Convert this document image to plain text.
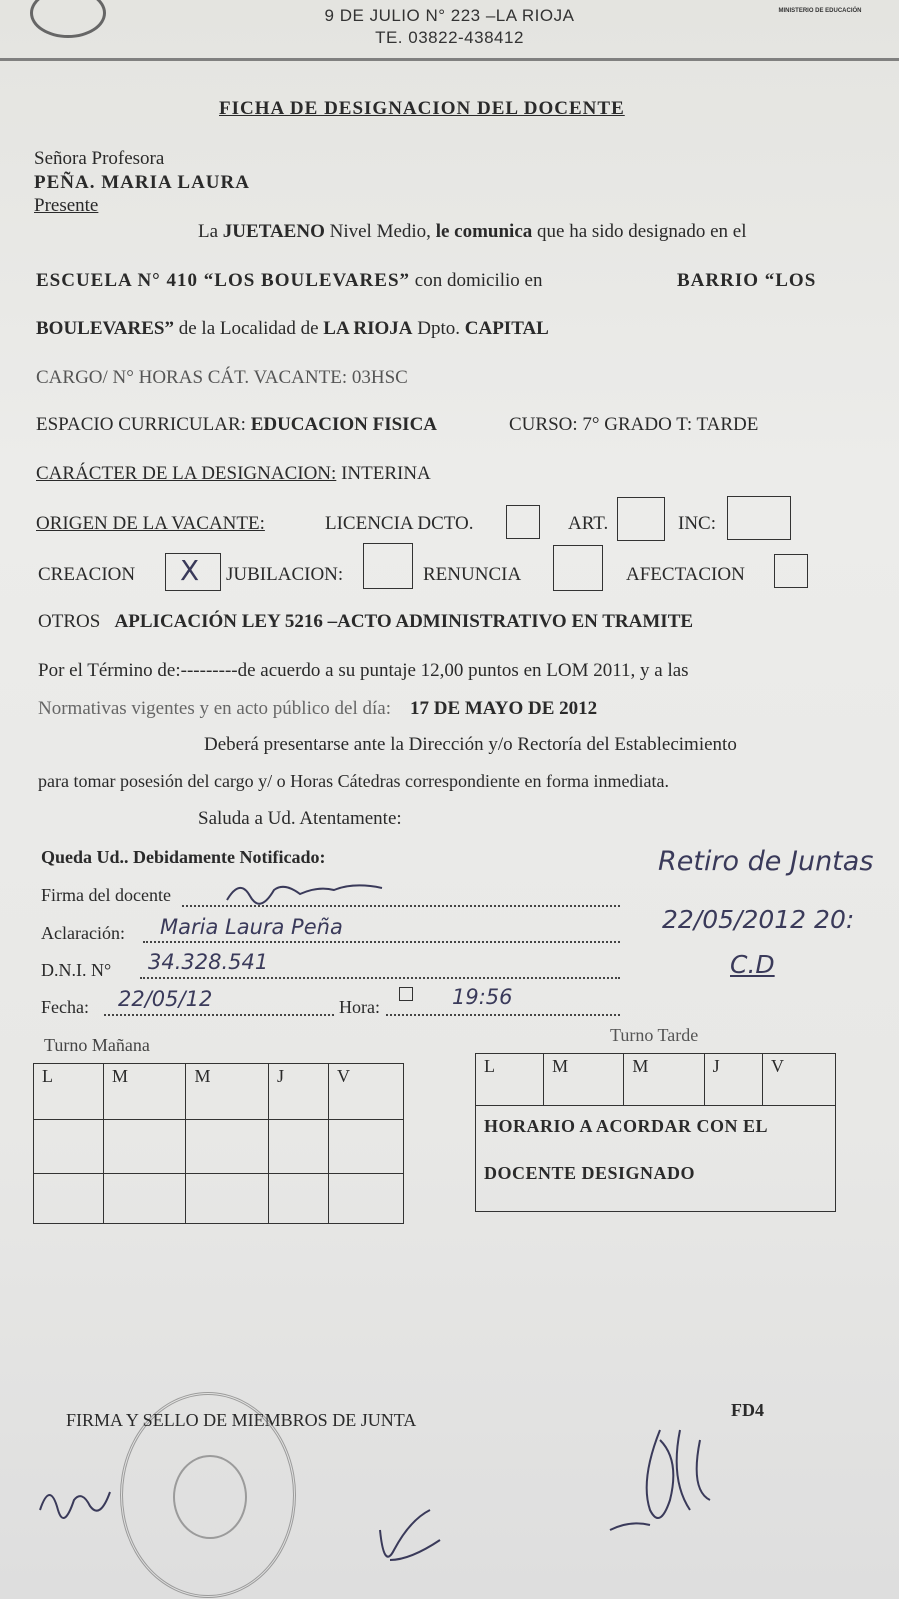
MINISTERIO DE EDUCACIÓN
9 DE JULIO N° 223 –LA RIOJA
TE. 03822-438412
FICHA DE DESIGNACION DEL DOCENTE
Señora Profesora
PEÑA. MARIA LAURA
Presente
La JUETAENO Nivel Medio, le comunica que ha sido designado en el
ESCUELA N° 410 “LOS BOULEVARES” con domicilio en	BARRIO “LOS
BOULEVARES” de la Localidad de LA RIOJA Dpto. CAPITAL
CARGO/ N° HORAS CÁT. VACANTE: 03HSC
ESPACIO CURRICULAR: EDUCACION FISICA	CURSO: 7° GRADO T: TARDE
CARÁCTER DE LA DESIGNACION: INTERINA
ORIGEN DE LA VACANTE:	LICENCIA DCTO.	ART.	INC:
CREACION X JUBILACION:	RENUNCIA	AFECTACION
OTROS APLICACIÓN LEY 5216 –ACTO ADMINISTRATIVO EN TRAMITE
Por el Término de:---------de acuerdo a su puntaje 12,00 puntos en LOM 2011, y a las
Normativas vigentes y en acto público del día: 17 DE MAYO DE 2012
Deberá presentarse ante la Dirección y/o Rectoría del Establecimiento
para tomar posesión del cargo y/ o Horas Cátedras correspondiente en forma inmediata.
Saluda a Ud. Atentamente:
Queda Ud.. Debidamente Notificado:
Firma del docente
Aclaración: Maria Laura Peña
D.N.I. N° 34.328.541
Fecha: 22/05/12	Hora:	19:56
Retiro de Juntas
22/05/2012 20:
C.D
Turno Mañana
L	M	M	J	V

Turno Tarde
L	M	M	J	V

HORARIO A ACORDAR CON EL
DOCENTE DESIGNADO
FIRMA Y SELLO DE MIEMBROS DE JUNTA	FD4
